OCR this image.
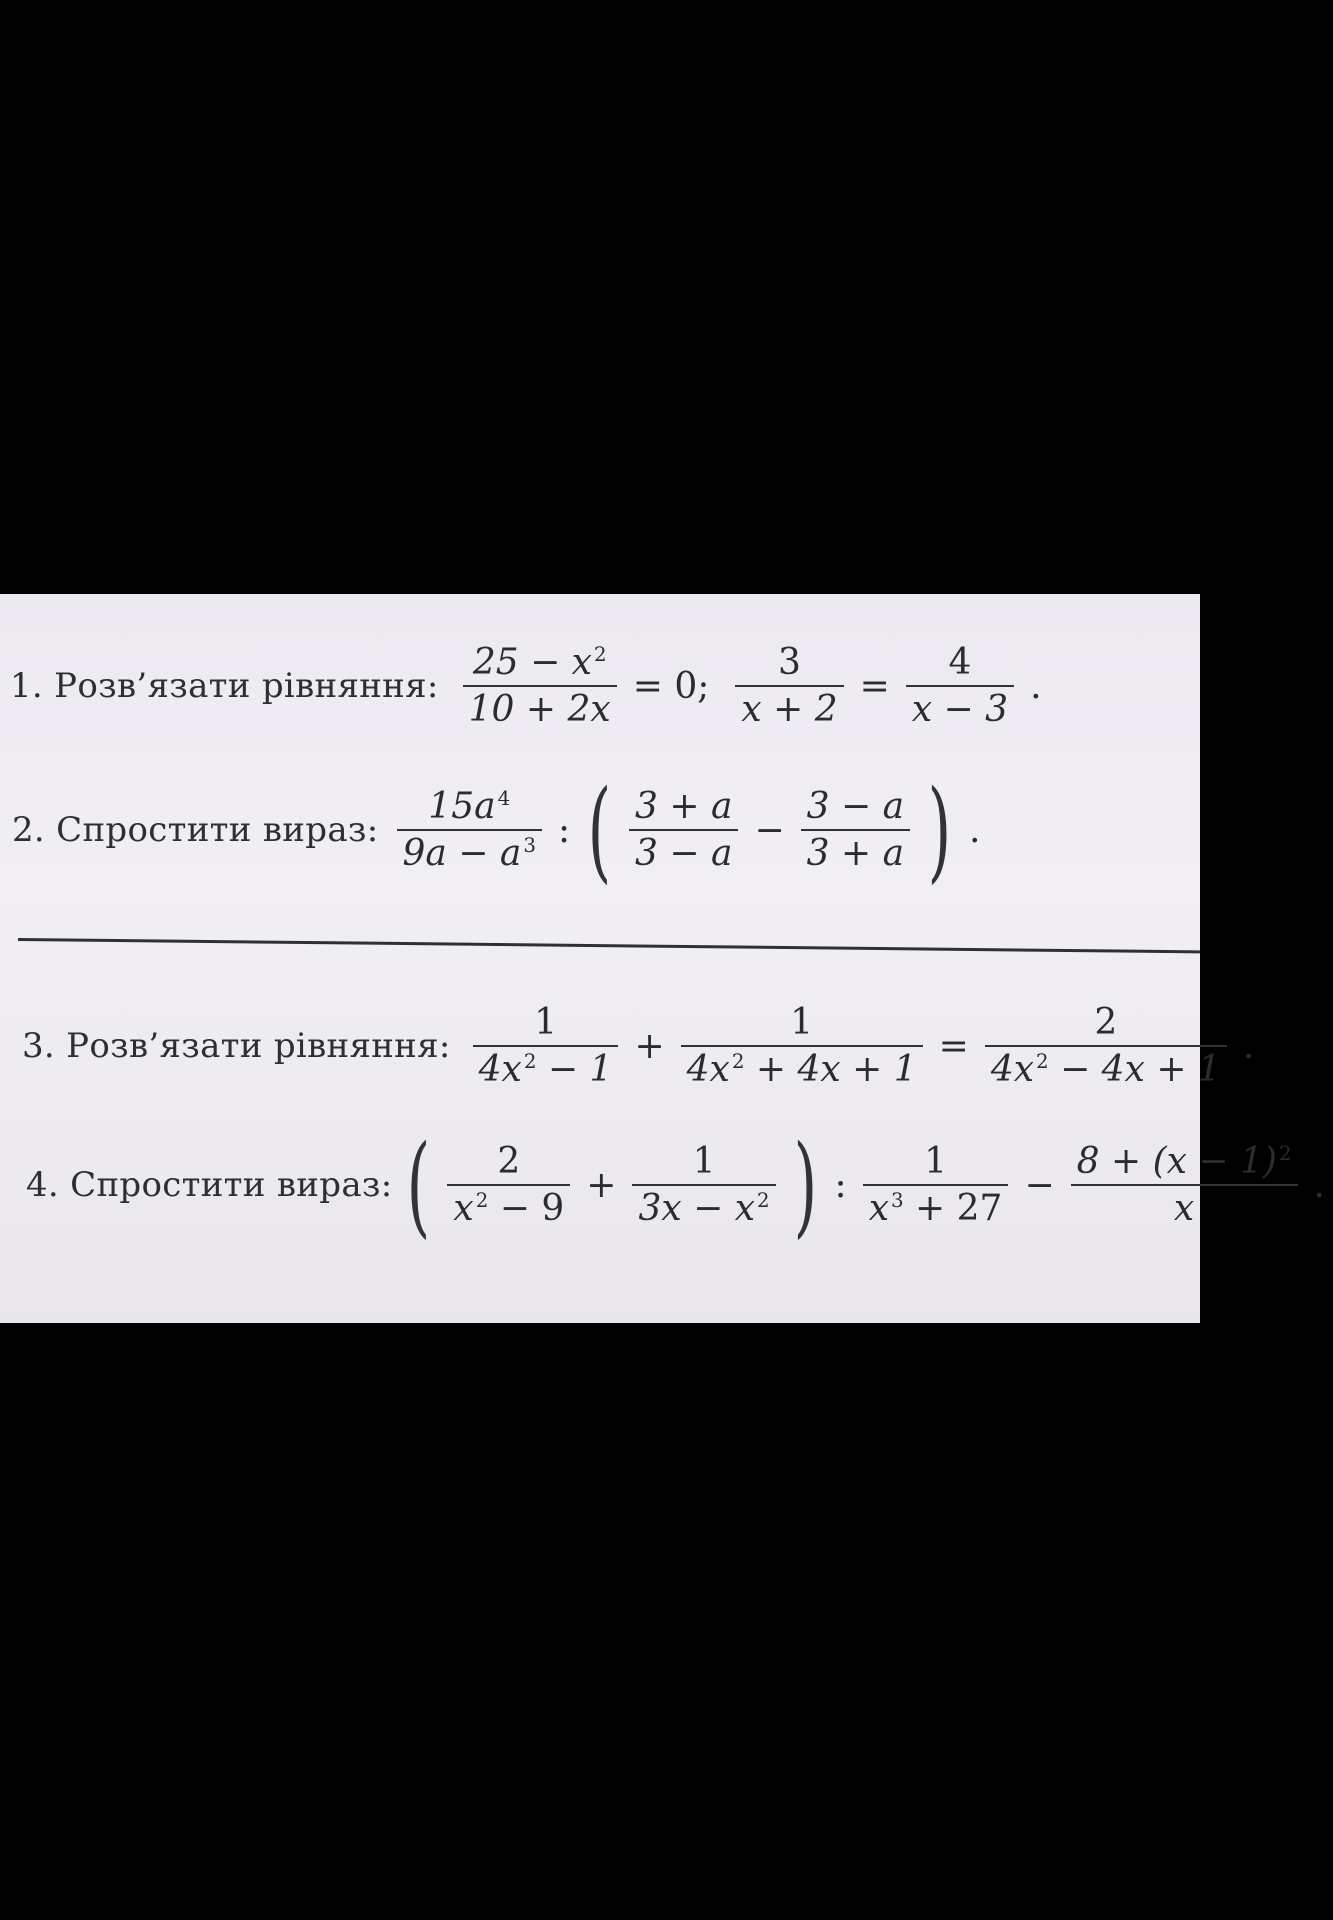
1. Розв’язати рівняння: $\frac{25 - x ^2}{10 + 2x} = 0$; $\frac{3}{x + 2} = \frac{4}{x - 3}$ .
2. Спростити вираз: $\frac{15a ^4}{9a - a ^3}$ : ( $\frac{3 + a}{3 - a} - \frac{3 - a}{3 + a}$ ) .
3. Розв’язати рівняння: $\frac{1}{4x ^2 - 1} + \frac{1}{4x ^2 + 4x + 1} = \frac{2}{4x ^2 - 4x + 1}$ .
4. Спростити вираз: ( $\frac{2}{x ^2 - 9} + \frac{1}{3x - x ^2}$ ) : $\frac{1}{x ^3 + 27} - \frac{8 + (x - 1) ^2}{x}$ .
